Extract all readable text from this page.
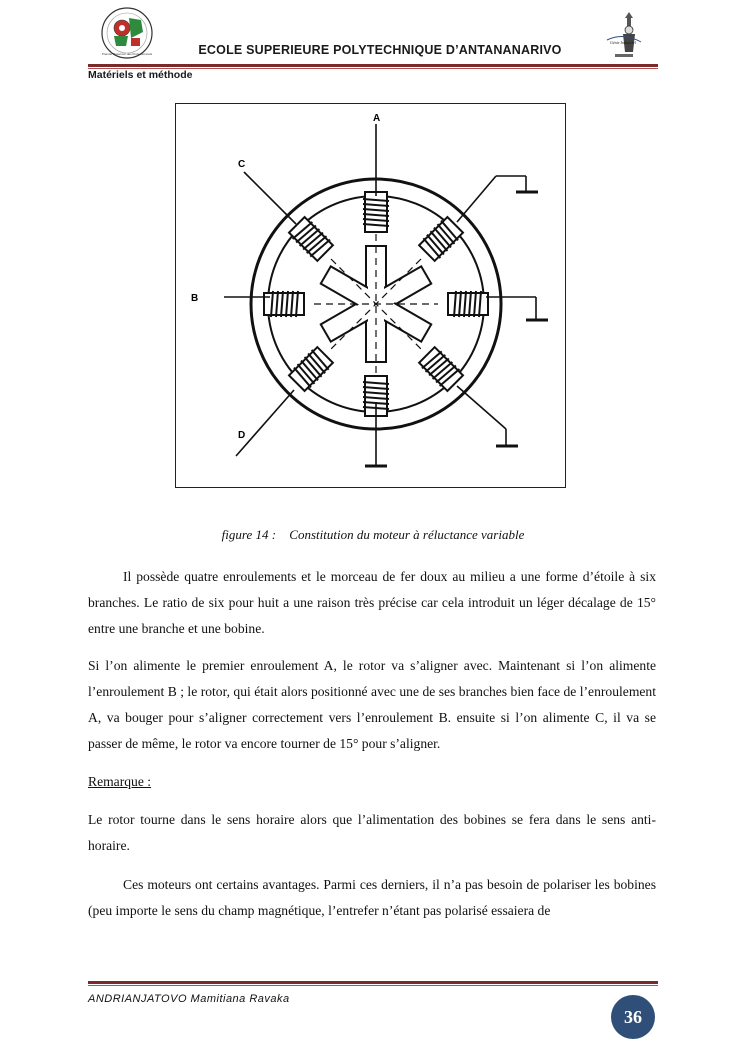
Premier Réservoir des Professionnels
Génie Industriel
ECOLE SUPERIEURE POLYTECHNIQUE D’ANTANANARIVO
Matériels et méthode
A
B
C
D
figure 14 : Constitution du moteur à réluctance variable

Il possède quatre enroulements et le morceau de fer doux au milieu a une forme d’étoile à six branches. Le ratio de six pour huit a une raison très précise car cela introduit un léger décalage de 15° entre une branche et une bobine.

Si l’on alimente le premier enroulement A, le rotor va s’aligner avec. Maintenant si l’on alimente l’enroulement B ; le rotor, qui était alors positionné avec une de ses branches bien face de l’enroulement A, va bouger pour s’aligner correctement vers l’enroulement B. ensuite si l’on alimente C, il va se passer de même, le rotor va encore tourner de 15° pour s’aligner.

Remarque :

Le rotor tourne dans le sens horaire alors que l’alimentation des bobines se fera dans le sens anti-horaire.

Ces moteurs ont certains avantages. Parmi ces derniers, il n’a pas besoin de polariser les bobines (peu importe le sens du champ magnétique, l’entrefer n’étant pas polarisé essaiera de

ANDRIANJATOVO Mamitiana Ravaka
36
